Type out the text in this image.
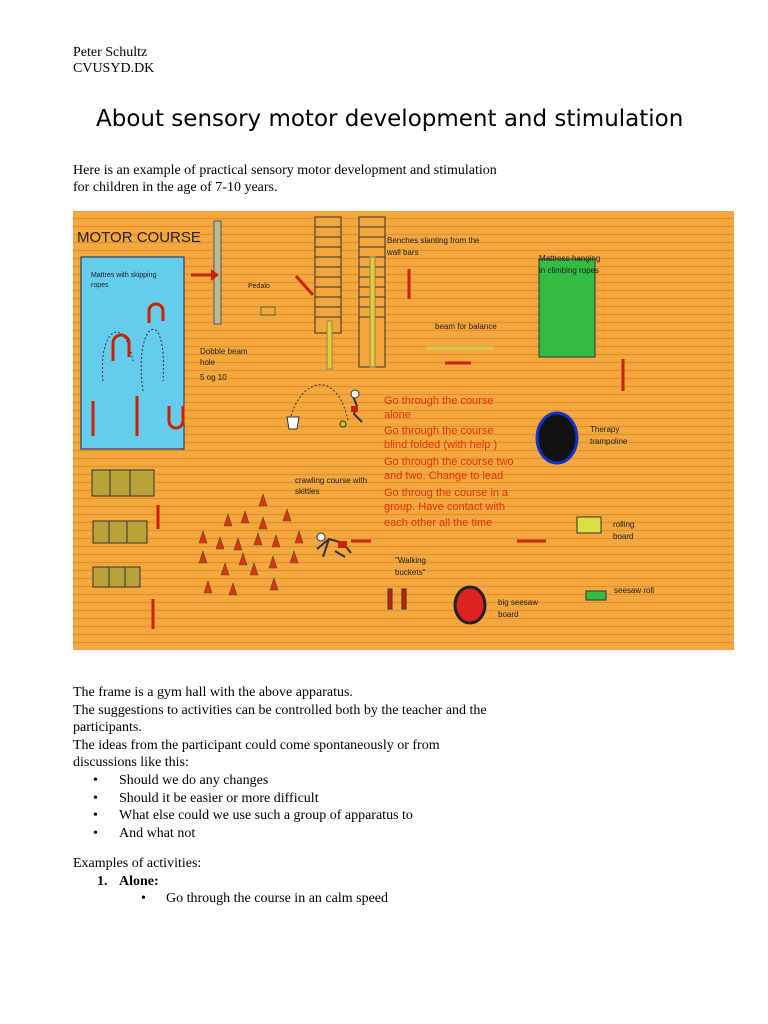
Peter Schultz
CVUSYD.DK
About sensory motor development and stimulation
Here is an example of practical sensory motor development and stimulation
for children in the age of 7-10 years.
MOTOR COURSE
Mattres with skipping
ropes	Pedalo
Dobble beam
hole
5 og 10
Benches slanting from the
wall bars
beam for balance
Mattress hanging
in climbing ropes
Therapy
trampoline
Go through the course
alone
Go through the course
blind folded (with help )
Go through the course two
and two. Change to lead
Go throug the course in a
group. Have contact with
each other all the time
crawling course with
skittles
"Walking
buckets"
big seesaw
board
rolling
board
seesaw roll

The frame is a gym hall with the above apparatus.

The suggestions to activities can be controlled both by the teacher and the

participants.

The ideas from the participant could come spontaneously or from

discussions like this:

• Should we do any changes
• Should it be easier or more difficult
• What else could we use such a group of apparatus to
• And what not
Examples of activities:
1. Alone:
• Go through the course in an calm speed
